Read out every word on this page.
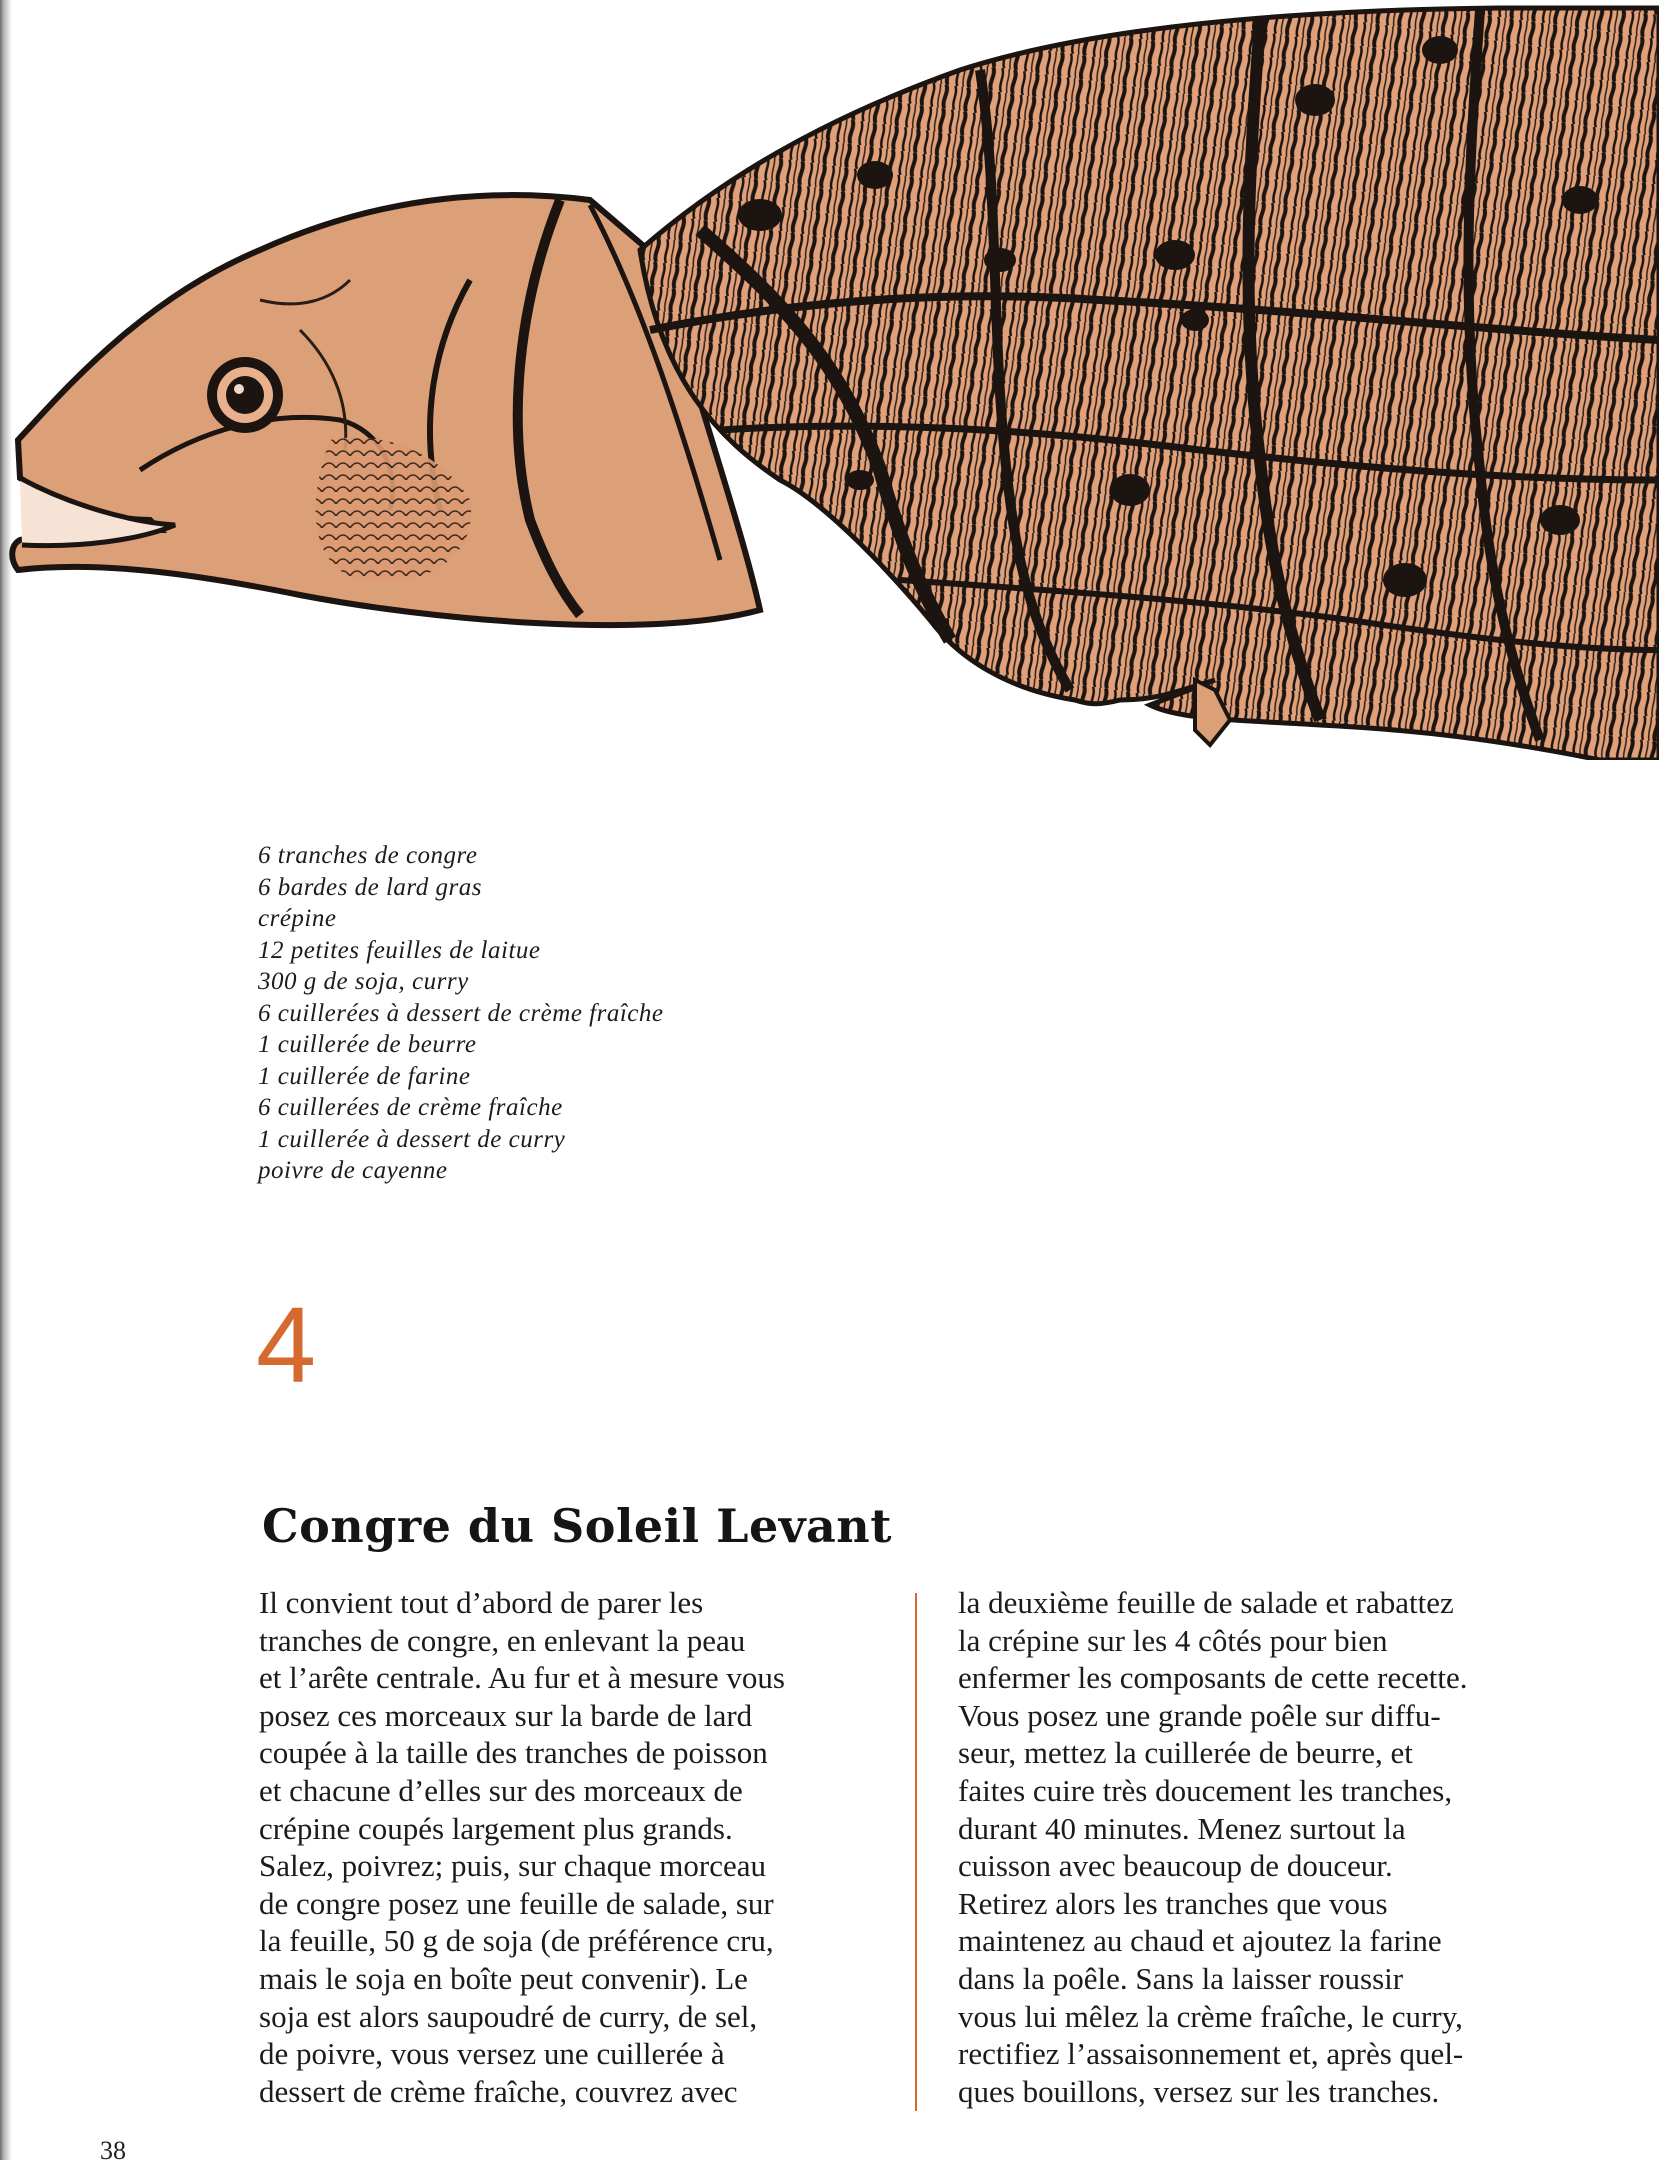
6 tranches de congre
6 bardes de lard gras
crépine
12 petites feuilles de laitue
300 g de soja, curry
6 cuillerées à dessert de crème fraîche
1 cuillerée de beurre
1 cuillerée de farine
6 cuillerées de crème fraîche
1 cuillerée à dessert de curry
poivre de cayenne
4
Congre du Soleil Levant

Il convient tout d’abord de parer les

tranches de congre, en enlevant la peau

et l’arête centrale. Au fur et à mesure vous

posez ces morceaux sur la barde de lard

coupée à la taille des tranches de poisson

et chacune d’elles sur des morceaux de

crépine coupés largement plus grands.

Salez, poivrez; puis, sur chaque morceau

de congre posez une feuille de salade, sur

la feuille, 50 g de soja (de préférence cru,

mais le soja en boîte peut convenir). Le

soja est alors saupoudré de curry, de sel,

de poivre, vous versez une cuillerée à

dessert de crème fraîche, couvrez avec

la deuxième feuille de salade et rabattez

la crépine sur les 4 côtés pour bien

enfermer les composants de cette recette.

Vous posez une grande poêle sur diffu-

seur, mettez la cuillerée de beurre, et

faites cuire très doucement les tranches,

durant 40 minutes. Menez surtout la

cuisson avec beaucoup de douceur.

Retirez alors les tranches que vous

maintenez au chaud et ajoutez la farine

dans la poêle. Sans la laisser roussir

vous lui mêlez la crème fraîche, le curry,

rectifiez l’assaisonnement et, après quel-

ques bouillons, versez sur les tranches.

38
